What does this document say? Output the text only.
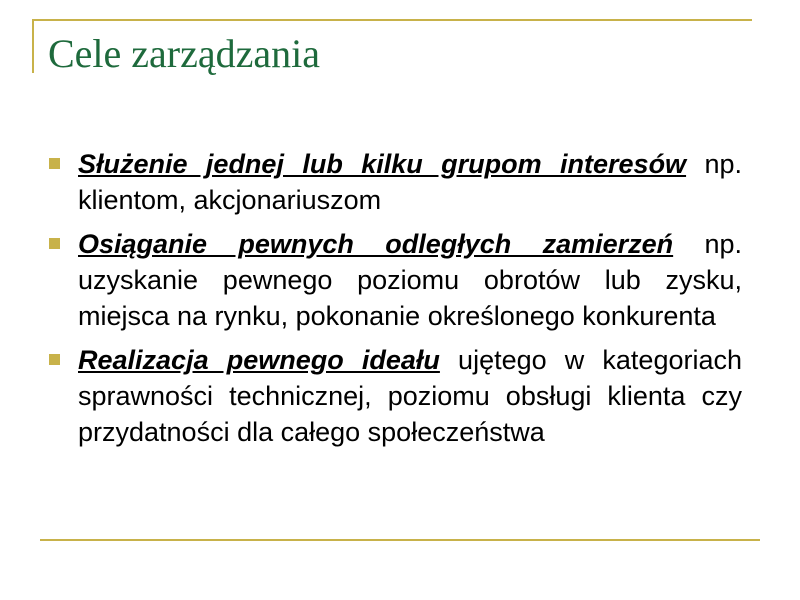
Cele zarządzania
Służenie jednej lub kilku grupom interesów np. klientom, akcjonariuszom
Osiąganie pewnych odległych zamierzeń np. uzyskanie pewnego poziomu obrotów lub zysku, miejsca na rynku, pokonanie określonego konkurenta
Realizacja pewnego ideału ujętego w kategoriach sprawności technicznej, poziomu obsługi klienta czy przydatności dla całego społeczeństwa
